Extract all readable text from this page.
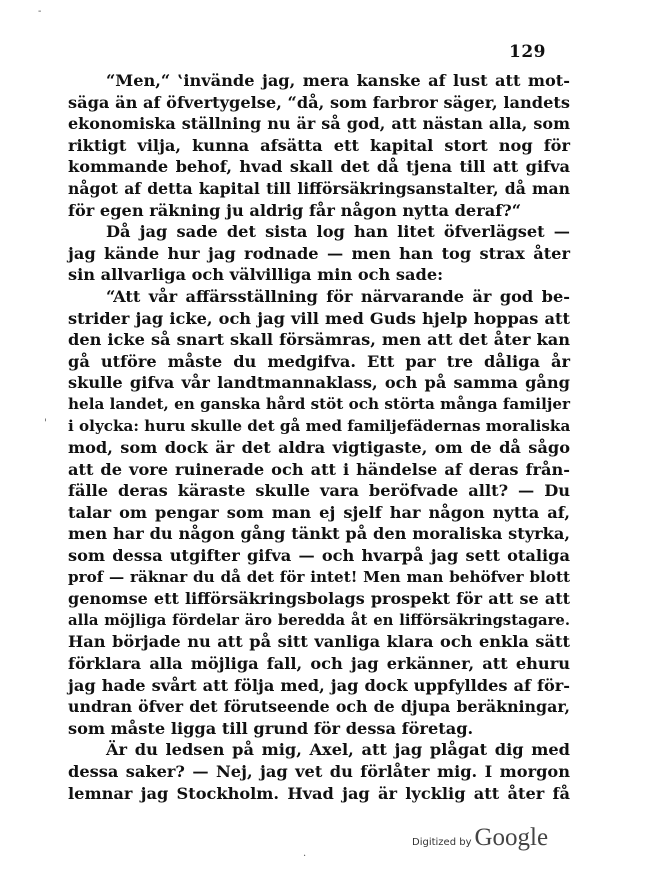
129
-
'
.
“Men,“ ‛invände jag, mera kanske af lust att mot-
säga än af öfvertygelse, “då, som farbror säger, landets
ekonomiska ställning nu är så god, att nästan alla, som
riktigt vilja, kunna afsätta ett kapital stort nog för
kommande behof, hvad skall det då tjena till att gifva
något af detta kapital till lifförsäkringsanstalter, då man
för egen räkning ju aldrig får någon nytta deraf?“
Då jag sade det sista log han litet öfverlägset —
jag kände hur jag rodnade — men han tog strax åter
sin allvarliga och välvilliga min och sade:
“Att vår affärsställning för närvarande är god be-
strider jag icke, och jag vill med Guds hjelp hoppas att
den icke så snart skall försämras, men att det åter kan
gå utföre måste du medgifva. Ett par tre dåliga år
skulle gifva vår landtmannaklass, och på samma gång
hela landet, en ganska hård stöt och störta många familjer
i olycka: huru skulle det gå med familjefädernas moraliska
mod, som dock är det aldra vigtigaste, om de då sågo
att de vore ruinerade och att i händelse af deras från-
fälle deras käraste skulle vara beröfvade allt? — Du
talar om pengar som man ej sjelf har någon nytta af,
men har du någon gång tänkt på den moraliska styrka,
som dessa utgifter gifva — och hvarpå jag sett otaliga
prof — räknar du då det för intet! Men man behöfver blott
genomse ett lifförsäkringsbolags prospekt för att se att
alla möjliga fördelar äro beredda åt en lifförsäkringstagare.
Han började nu att på sitt vanliga klara och enkla sätt
förklara alla möjliga fall, och jag erkänner, att ehuru
jag hade svårt att följa med, jag dock uppfylldes af för-
undran öfver det förutseende och de djupa beräkningar,
som måste ligga till grund för dessa företag.
Är du ledsen på mig, Axel, att jag plågat dig med
dessa saker? — Nej, jag vet du förlåter mig. I morgon
lemnar jag Stockholm. Hvad jag är lycklig att åter få
Digitized by Google
